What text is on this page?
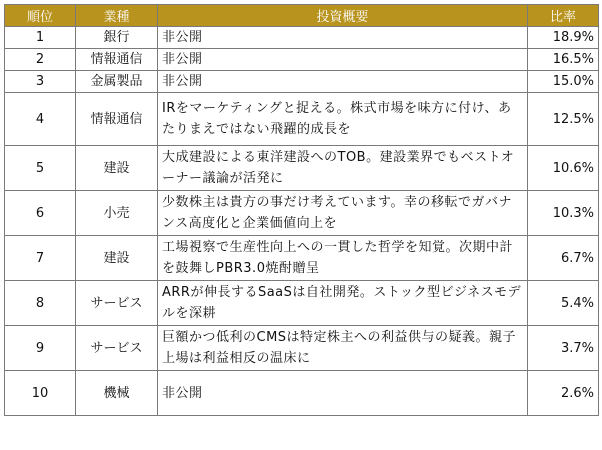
順位	業種	投資概要	比率
1	銀行	非公開	18.9%
2	情報通信	非公開	16.5%
3	金属製品	非公開	15.0%
4	情報通信	IRをマーケティングと捉える。株式市場を味方に付け、あたりまえではない飛躍的成長を	12.5%
5	建設	大成建設による東洋建設へのTOB。建設業界でもベストオーナー議論が活発に	10.6%
6	小売	少数株主は貴方の事だけ考えています。幸の移転でガバナンス高度化と企業価値向上を	10.3%
7	建設	工場視察で生産性向上への一貫した哲学を知覚。次期中計を鼓舞しPBR3.0焼酎贈呈	6.7%
8	サービス	ARRが伸長するSaaSは自社開発。ストック型ビジネスモデルを深耕	5.4%
9	サービス	巨額かつ低利のCMSは特定株主への利益供与の疑義。親子上場は利益相反の温床に	3.7%
10	機械	非公開	2.6%
